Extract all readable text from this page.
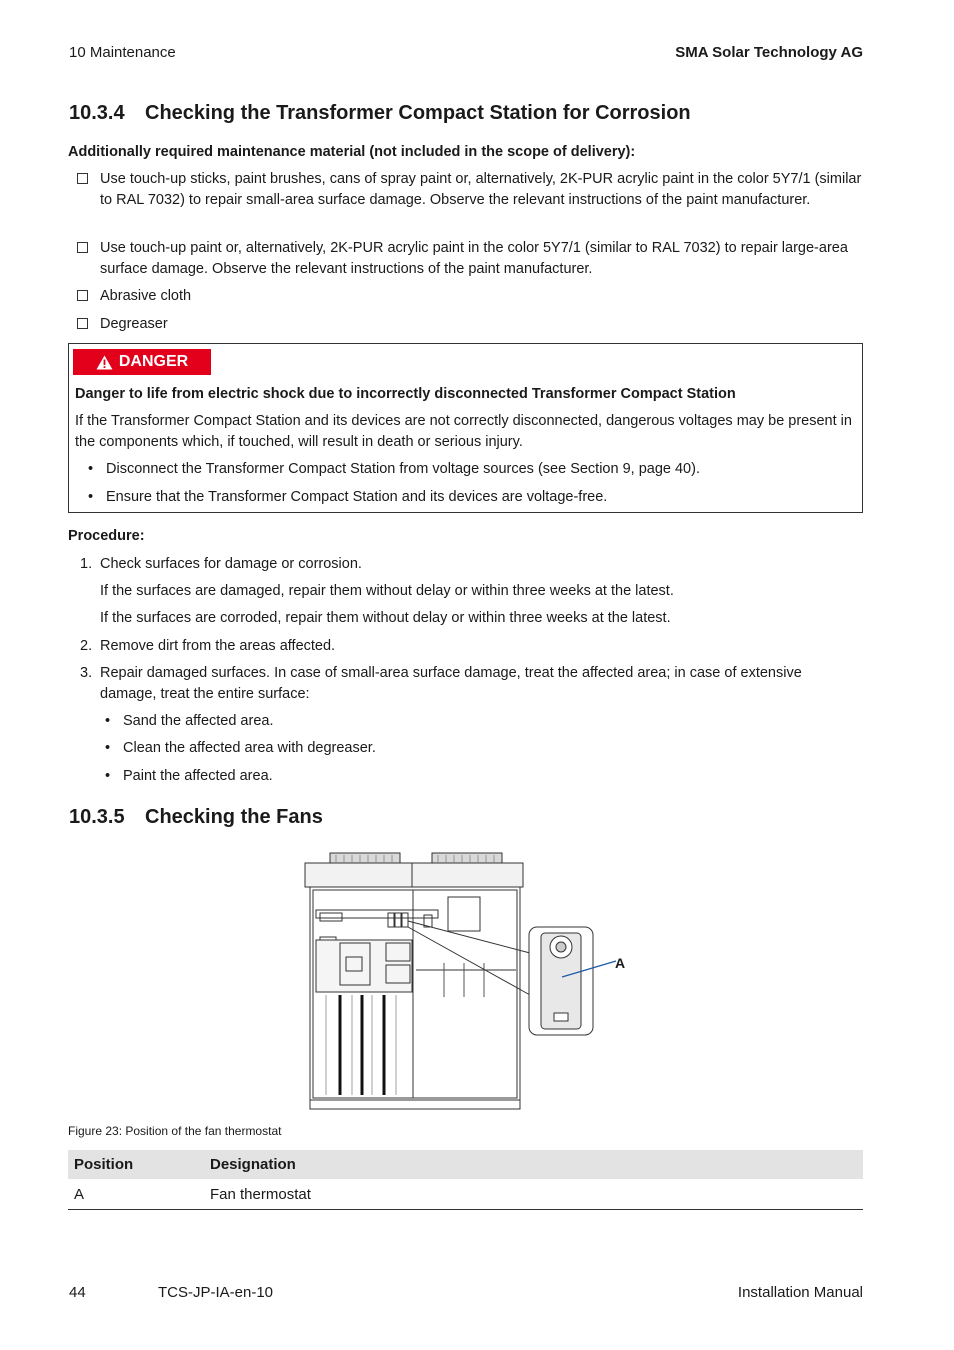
10 Maintenance	SMA Solar Technology AG
10.3.4 Checking the Transformer Compact Station for Corrosion
Additionally required maintenance material (not included in the scope of delivery):
Use touch-up sticks, paint brushes, cans of spray paint or, alternatively, 2K-PUR acrylic paint in the color 5Y7/1 (similar to RAL 7032) to repair small-area surface damage. Observe the relevant instructions of the paint manufacturer.
Use touch-up paint or, alternatively, 2K-PUR acrylic paint in the color 5Y7/1 (similar to RAL 7032) to repair large-area surface damage. Observe the relevant instructions of the paint manufacturer.
Abrasive cloth
Degreaser
DANGER
Danger to life from electric shock due to incorrectly disconnected Transformer Compact Station
If the Transformer Compact Station and its devices are not correctly disconnected, dangerous voltages may be present in the components which, if touched, will result in death or serious injury.
• Disconnect the Transformer Compact Station from voltage sources (see Section 9, page 40).
• Ensure that the Transformer Compact Station and its devices are voltage-free.
Procedure:
1. Check surfaces for damage or corrosion.
If the surfaces are damaged, repair them without delay or within three weeks at the latest.
If the surfaces are corroded, repair them without delay or within three weeks at the latest.
2. Remove dirt from the areas affected.
3. Repair damaged surfaces. In case of small-area surface damage, treat the affected area; in case of extensive damage, treat the entire surface:
• Sand the affected area.
• Clean the affected area with degreaser.
• Paint the affected area.
10.3.5 Checking the Fans
A
Figure 23: Position of the fan thermostat
Position	Designation
A	Fan thermostat
44	TCS-JP-IA-en-10	Installation Manual
